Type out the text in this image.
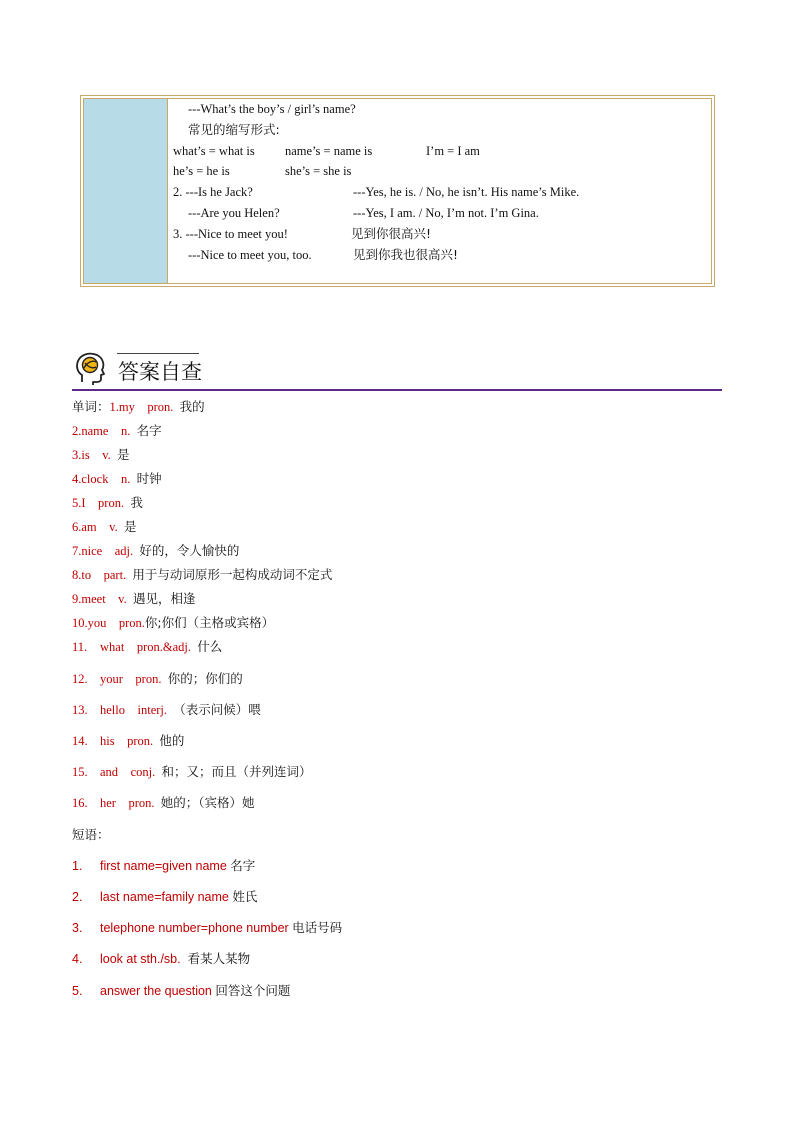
---What’s the boy’s / girl’s name?
常见的缩写形式:
what’s = what is name’s = name is	I’m = I am
he’s = he is	she’s = she is
2. ---Is he Jack?	---Yes, he is. / No, he isn’t. His name’s Mike.
---Are you Helen?	---Yes, I am. / No, I’m not. I’m Gina.
3. ---Nice to meet you!	见到你很高兴!
---Nice to meet you, too.	见到你我也很高兴!
答案自查
单词：1.my pron. 我的
2.name n. 名字
3.is v. 是
4.clock n. 时钟
5.I pron. 我
6.am v. 是
7.nice adj. 好的，令人愉快的
8.to part. 用于与动词原形一起构成动词不定式
9.meet v. 遇见，相逢
10.you pron.你;你们（主格或宾格）
11. what pron.&adj. 什么
12. your pron. 你的；你们的
13. hello interj. （表示问候）喂
14. his pron. 他的
15. and conj. 和；又；而且（并列连词）
16. her pron. 她的；（宾格）她
短语：
1. first name=given name 名字
2. last name=family name 姓氏
3. telephone number=phone number 电话号码
4. look at sth./sb. 看某人某物
5. answer the question 回答这个问题
